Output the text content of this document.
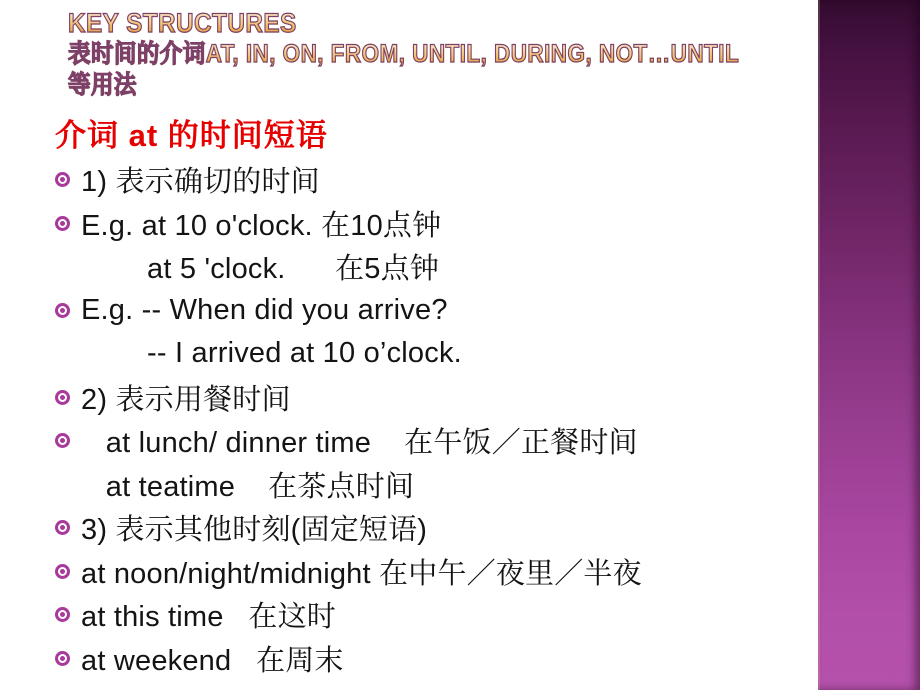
KEY STRUCTURES
表时间的介词AT, IN, ON, FROM, UNTIL, DURING, NOT…UNTIL
等用法
介词 at 的时间短语
1) 表示确切的时间
E.g. at 10 o'clock. 在10点钟
at 5 'clock.      在5点钟
E.g. -- When did you arrive?
-- I arrived at 10 o’clock.
2) 表示用餐时间
at lunch/ dinner time    在午饭／正餐时间
at teatime    在茶点时间
3) 表示其他时刻(固定短语)
at noon/night/midnight 在中午／夜里／半夜
at this time   在这时
at weekend   在周末
